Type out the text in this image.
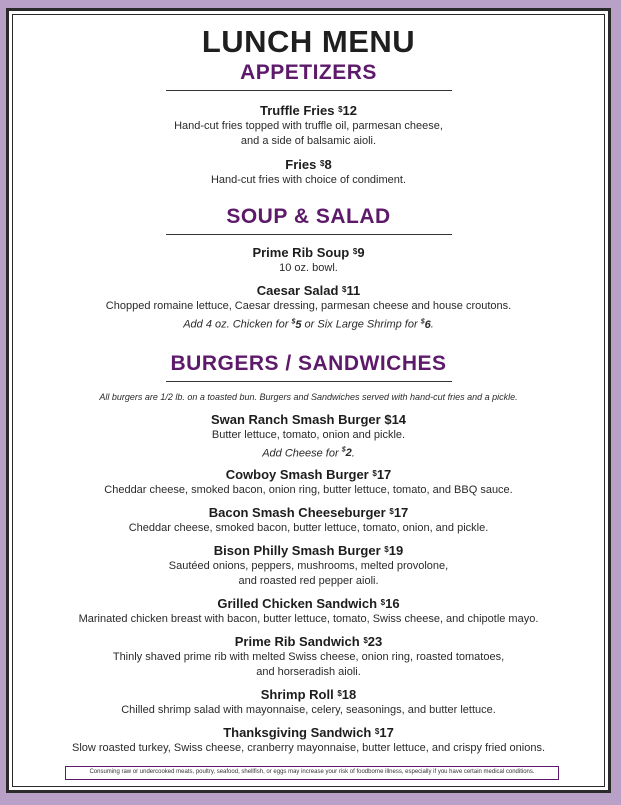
LUNCH MENU
APPETIZERS
Truffle Fries $12
Hand-cut fries topped with truffle oil, parmesan cheese,
and a side of balsamic aioli.
Fries $8
Hand-cut fries with choice of condiment.
SOUP & SALAD
Prime Rib Soup $9
10 oz. bowl.
Caesar Salad $11
Chopped romaine lettuce, Caesar dressing, parmesan cheese and house croutons.
Add 4 oz. Chicken for $5 or Six Large Shrimp for $6.
BURGERS / SANDWICHES
All burgers are 1/2 lb. on a toasted bun. Burgers and Sandwiches served with hand-cut fries and a pickle.
Swan Ranch Smash Burger $14
Butter lettuce, tomato, onion and pickle.
Add Cheese for $2.
Cowboy Smash Burger $17
Cheddar cheese, smoked bacon, onion ring, butter lettuce, tomato, and BBQ sauce.
Bacon Smash Cheeseburger $17
Cheddar cheese, smoked bacon, butter lettuce, tomato, onion, and pickle.
Bison Philly Smash Burger $19
Sautéed onions, peppers, mushrooms, melted provolone,
and roasted red pepper aioli.
Grilled Chicken Sandwich $16
Marinated chicken breast with bacon, butter lettuce, tomato, Swiss cheese, and chipotle mayo.
Prime Rib Sandwich $23
Thinly shaved prime rib with melted Swiss cheese, onion ring, roasted tomatoes,
and horseradish aioli.
Shrimp Roll $18
Chilled shrimp salad with mayonnaise, celery, seasonings, and butter lettuce.
Thanksgiving Sandwich $17
Slow roasted turkey, Swiss cheese, cranberry mayonnaise, butter lettuce, and crispy fried onions.
Consuming raw or undercooked meats, poultry, seafood, shellfish, or eggs may increase your risk of foodborne illness, especially if you have certain medical conditions.
